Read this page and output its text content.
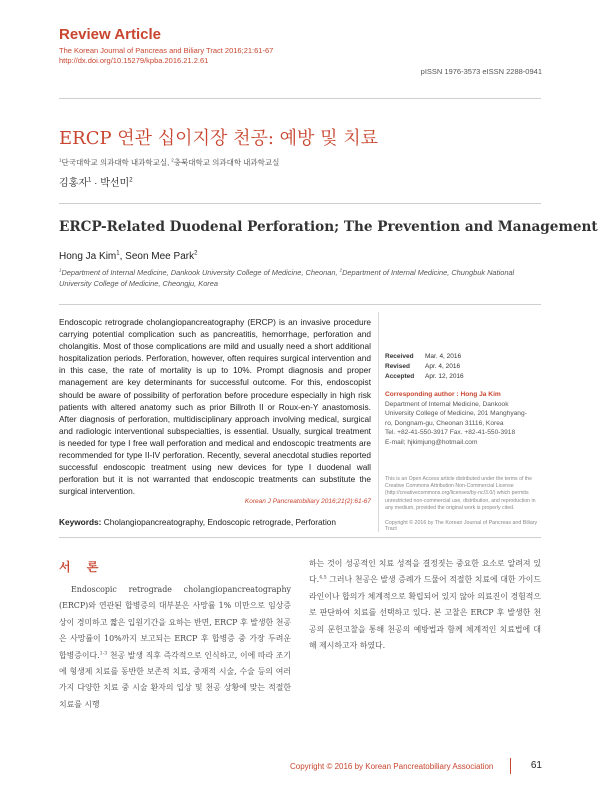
Review Article
The Korean Journal of Pancreas and Biliary Tract 2016;21:61-67
http://dx.doi.org/10.15279/kpba.2016.21.2.61
pISSN 1976-3573 eISSN 2288-0941
ERCP 연관 십이지장 천공: 예방 및 치료
$^1$단국대학교 의과대학 내과학교실, $^2$충북대학교 의과대학 내과학교실
김홍자$^1$ · 박선미$^2$
ERCP-Related Duodenal Perforation; The Prevention and Management
Hong Ja Kim$^1$, Seon Mee Park$^2$
$^1$Department of Internal Medicine, Dankook University College of Medicine, Cheonan, $^2$Department of Internal Medicine, Chungbuk National University College of Medicine, Cheongju, Korea
Endoscopic retrograde cholangiopancreatography (ERCP) is an invasive procedure carrying potential complication such as pancreatitis, hemorrhage, perforation and cholangitis. Most of those complications are mild and usually need a short additional hospitalization periods. Perforation, however, often requires surgical intervention and in this case, the rate of mortality is up to 10%. Prompt diagnosis and proper management are key determinants for successful outcome. For this, endoscopist should be aware of possibility of perforation before procedure especially in high risk patients with altered anatomy such as prior Billroth II or Roux-en-Y anastomosis. After diagnosis of perforation, multidisciplinary approach involving medical, surgical and radiologic interventional subspecialties, is essential. Usually, surgical treatment is needed for type I free wall perforation and medical and endoscopic treatments are recommended for type II-IV perforation. Recently, several anecdotal studies reported successful endoscopic treatment using new devices for type I duodenal wall perforation but it is not warranted that endoscopic treatments can substitute the surgical intervention.
Korean J Pancreatobiliary 2016;21(2):61-67
Received Mar. 4, 2016
Revised Apr. 4, 2016
Accepted Apr. 12, 2016
Corresponding author : Hong Ja Kim
Department of Internal Medicine, Dankook
University College of Medicine, 201 Manghyang-
ro, Dongnam-gu, Cheonan 31116, Korea
Tel. +82-41-550-3917 Fax. +82-41-550-3918
E-mail; hjkimjung@hotmail.com
This is an Open Access article distributed under the terms of the Creative Commons Attribution Non-Commercial License (http://creativecommons.org/licenses/by-nc/3.0/) which permits unrestricted non-commercial use, distribution, and reproduction in any medium, provided the original work is properly cited.
Copyright © 2016 by The Korean Journal of Pancreas and Biliary Tract
Keywords: Cholangiopancreatography, Endoscopic retrograde, Perforation
서 론
Endoscopic retrograde cholangiopancreatography (ERCP)와 연관된 합병증의 대부분은 사망률 1% 미만으로 임상증상이 경미하고 짧은 입원기간을 요하는 반면, ERCP 후 발생한 천공은 사망률이 10%까지 보고되는 ERCP 후 합병증 중 가장 두려운 합병증이다.$^{1-3}$ 천공 발생 직후 즉각적으로 인식하고, 이에 따라 조기에 형생제 치료를 동반한 보존적 치료, 중재적 시술, 수술 등의 여러 가지 다양한 치료 중 시술 환자의 입상 및 천공 상황에 맞는 적절한 치료를 시행

하는 것이 성공적인 치료 성적을 결정짓는 중요한 요소로 알려져 있다.$^{4,5}$ 그러나 천공은 발생 증례가 드물어 적절한 치료에 대한 가이드라인이나 합의가 체계적으로 확립되어 있지 않아 의료진이 경험적으로 판단하여 치료를 선택하고 있다. 본 고찰은 ERCP 후 발생한 천공의 문헌고찰을 통해 천공의 예방법과 함께 체계적인 치료법에 대해 제시하고자 하였다.

Copyright © 2016 by Korean Pancreatobiliary Association	61
